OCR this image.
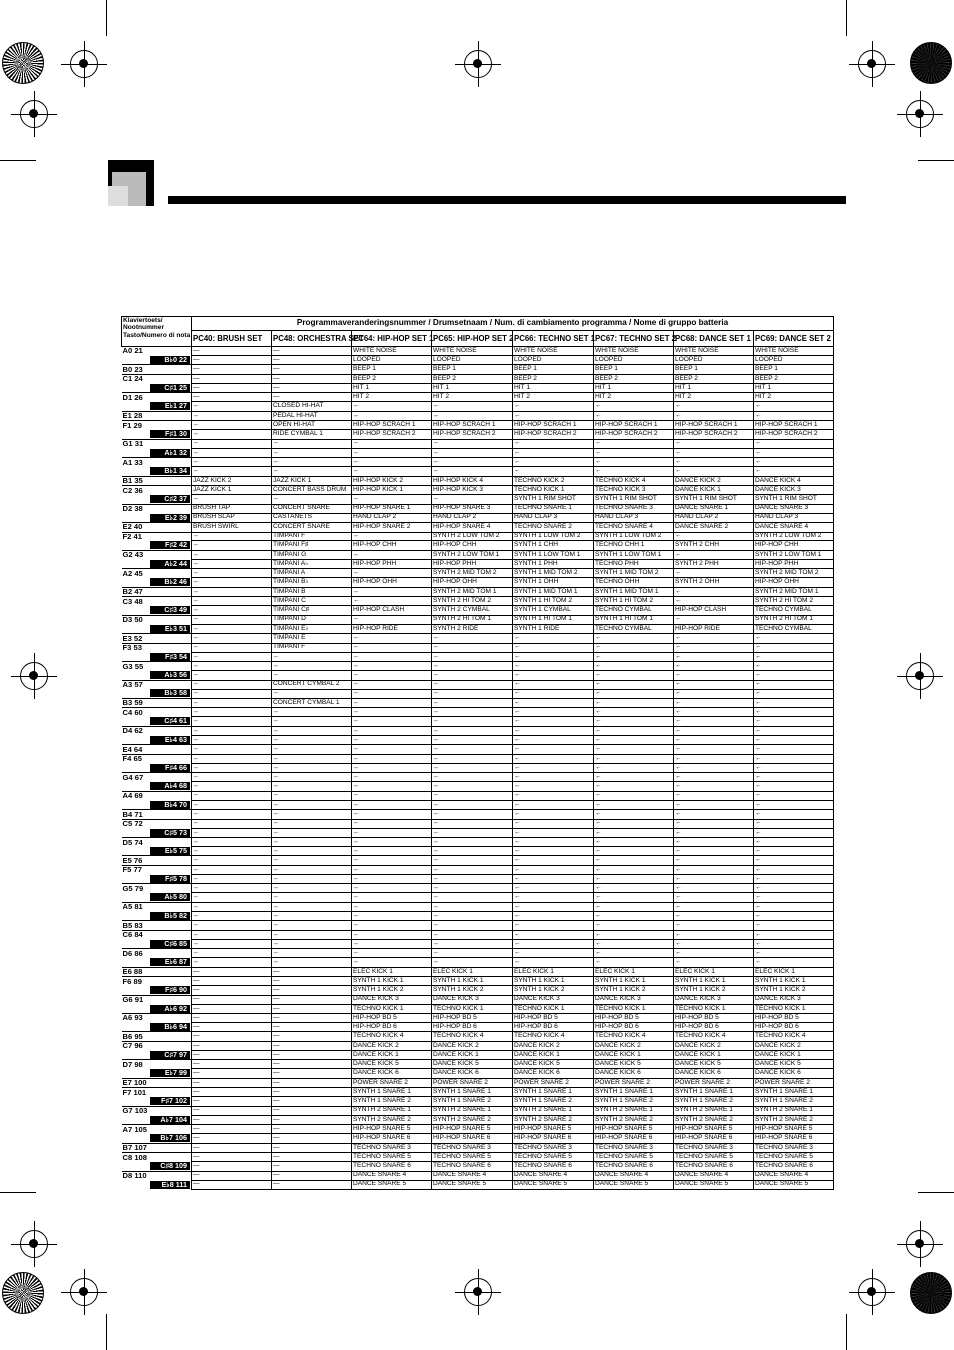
Klaviertoets/
Nootnummer
Tasto/Numero di nota	Programmaveranderingsnummer / Drumsetnaam / Num. di cambiamento programma / Nome di gruppo batteria							
	PC40: BRUSH SET	PC48: ORCHESTRA SET	PC64: HIP-HOP SET 1	PC65: HIP-HOP SET 2	PC66: TECHNO SET 1	PC67: TECHNO SET 2	PC68: DANCE SET 1	PC69: DANCE SET 2
A0 21	—	—	WHITE NOISE	WHITE NOISE	WHITE NOISE	WHITE NOISE	WHITE NOISE	WHITE NOISE

B♭0 22	—	—	LOOPED	LOOPED	LOOPED	LOOPED	LOOPED	LOOPED
B0 23	—	—	BEEP 1	BEEP 1	BEEP 1	BEEP 1	BEEP 1	BEEP 1
C1 24	—	—	BEEP 2	BEEP 2	BEEP 2	BEEP 2	BEEP 2	BEEP 2

C♯1 25	—	—	HIT 1	HIT 1	HIT 1	HIT 1	HIT 1	HIT 1
D1 26	—	—	HIT 2	HIT 2	HIT 2	HIT 2	HIT 2	HIT 2

E♭1 27	←	CLOSED HI-HAT	←	←	←	←	←	←
E1 28	←	PEDAL HI-HAT	←	←	←	←	←	←
F1 29	←	OPEN HI-HAT	HIP-HOP SCRACH 1	HIP-HOP SCRACH 1	HIP-HOP SCRACH 1	HIP-HOP SCRACH 1	HIP-HOP SCRACH 1	HIP-HOP SCRACH 1

F♯1 30	←	RIDE CYMBAL 1	HIP-HOP SCRACH 2	HIP-HOP SCRACH 2	HIP-HOP SCRACH 2	HIP-HOP SCRACH 2	HIP-HOP SCRACH 2	HIP-HOP SCRACH 2
G1 31	←	←	←	←	←	←	←	←

A♭1 32	←	←	←	←	←	←	←	←
A1 33	←	←	←	←	←	←	←	←

B♭1 34	←	←	←	←	←	←	←	←
B1 35	JAZZ KICK 2	JAZZ KICK 1	HIP-HOP KICK 2	HIP-HOP KICK 4	TECHNO KICK 2	TECHNO KICK 4	DANCE KICK 2	DANCE KICK 4
C2 36	JAZZ KICK 1	CONCERT BASS DRUM	HIP-HOP KICK 1	HIP-HOP KICK 3	TECHNO KICK 1	TECHNO KICK 3	DANCE KICK 1	DANCE KICK 3

C♯2 37	←	←	←	←	SYNTH 1 RIM SHOT	SYNTH 1 RIM SHOT	SYNTH 1 RIM SHOT	SYNTH 1 RIM SHOT
D2 38	BRUSH TAP	CONCERT SNARE	HIP-HOP SNARE 1	HIP-HOP SNARE 3	TECHNO SNARE 1	TECHNO SNARE 3	DANCE SNARE 1	DANCE SNARE 3

E♭2 39	BRUSH SLAP	CASTANETS	HAND CLAP 2	HAND CLAP 2	HAND CLAP 3	HAND CLAP 3	HAND CLAP 2	HAND CLAP 3
E2 40	BRUSH SWIRL	CONCERT SNARE	HIP-HOP SNARE 2	HIP-HOP SNARE 4	TECHNO SNARE 2	TECHNO SNARE 4	DANCE SNARE 2	DANCE SNARE 4
F2 41	←	TIMPANI F	←	SYNTH 2 LOW TOM 2	SYNTH 1 LOW TOM 2	SYNTH 1 LOW TOM 2	←	SYNTH 2 LOW TOM 2

F♯2 42	←	TIMPANI F♯	HIP-HOP CHH	HIP-HOP CHH	SYNTH 1 CHH	TECHNO CHH 1	SYNTH 2 CHH	HIP-HOP CHH
G2 43	←	TIMPANI G	←	SYNTH 2 LOW TOM 1	SYNTH 1 LOW TOM 1	SYNTH 1 LOW TOM 1	←	SYNTH 2 LOW TOM 1

A♭2 44	←	TIMPANI A♭	HIP-HOP PHH	HIP-HOP PHH	SYNTH 1 PHH	TECHNO PHH	SYNTH 2 PHH	HIP-HOP PHH
A2 45	←	TIMPANI A	←	SYNTH 2 MID TOM 2	SYNTH 1 MID TOM 2	SYNTH 1 MID TOM 2	←	SYNTH 2 MID TOM 2

B♭2 46	←	TIMPANI B♭	HIP-HOP OHH	HIP-HOP OHH	SYNTH 1 OHH	TECHNO OHH	SYNTH 2 OHH	HIP-HOP OHH
B2 47	←	TIMPANI B	←	SYNTH 2 MID TOM 1	SYNTH 1 MID TOM 1	SYNTH 1 MID TOM 1	←	SYNTH 2 MID TOM 1
C3 48	←	TIMPANI C	←	SYNTH 2 HI TOM 2	SYNTH 1 HI TOM 2	SYNTH 1 HI TOM 2	←	SYNTH 2 HI TOM 2

C♯3 49	←	TIMPANI C♯	HIP-HOP CLASH	SYNTH 2 CYMBAL	SYNTH 1 CYMBAL	TECHNO CYMBAL	HIP-HOP CLASH	TECHNO CYMBAL
D3 50	←	TIMPANI D	←	SYNTH 2 HI TOM 1	SYNTH 1 HI TOM 1	SYNTH 1 HI TOM 1	←	SYNTH 2 HI TOM 1

E♭3 51	←	TIMPANI E♭	HIP-HOP RIDE	SYNTH 2 RIDE	SYNTH 1 RIDE	TECHNO CYMBAL	HIP-HOP RIDE	TECHNO CYMBAL
E3 52	←	TIMPANI E	←	←	←	←	←	←
F3 53	←	TIMPANI F	←	←	←	←	←	←

F♯3 54	←	←	←	←	←	←	←	←
G3 55	←	←	←	←	←	←	←	←

A♭3 56	←	←	←	←	←	←	←	←
A3 57	←	CONCERT CYMBAL 2	←	←	←	←	←	←

B♭3 58	←	←	←	←	←	←	←	←
B3 59	←	CONCERT CYMBAL 1	←	←	←	←	←	←
C4 60	←	←	←	←	←	←	←	←

C♯4 61	←	←	←	←	←	←	←	←
D4 62	←	←	←	←	←	←	←	←

E♭4 63	←	←	←	←	←	←	←	←
E4 64	←	←	←	←	←	←	←	←
F4 65	←	←	←	←	←	←	←	←

F♯4 66	←	←	←	←	←	←	←	←
G4 67	←	←	←	←	←	←	←	←

A♭4 68	←	←	←	←	←	←	←	←
A4 69	←	←	←	←	←	←	←	←

B♭4 70	←	←	←	←	←	←	←	←
B4 71	←	←	←	←	←	←	←	←
C5 72	←	←	←	←	←	←	←	←

C♯5 73	←	←	←	←	←	←	←	←
D5 74	←	←	←	←	←	←	←	←

E♭5 75	←	←	←	←	←	←	←	←
E5 76	←	←	←	←	←	←	←	←
F5 77	←	←	←	←	←	←	←	←

F♯5 78	←	←	←	←	←	←	←	←
G5 79	←	←	←	←	←	←	←	←

A♭5 80	←	←	←	←	←	←	←	←
A5 81	←	←	←	←	←	←	←	←

B♭5 82	←	←	←	←	←	←	←	←
B5 83	←	←	←	←	←	←	←	←
C6 84	←	←	←	←	←	←	←	←

C♯6 85	←	←	←	←	←	←	←	←
D6 86	←	←	←	←	←	←	←	←

E♭6 87	←	←	←	←	←	←	←	←
E6 88	—	—	ELEC KICK 1	ELEC KICK 1	ELEC KICK 1	ELEC KICK 1	ELEC KICK 1	ELEC KICK 1
F6 89	—	—	SYNTH 1 KICK 1	SYNTH 1 KICK 1	SYNTH 1 KICK 1	SYNTH 1 KICK 1	SYNTH 1 KICK 1	SYNTH 1 KICK 1

F♯6 90	—	—	SYNTH 1 KICK 2	SYNTH 1 KICK 2	SYNTH 1 KICK 2	SYNTH 1 KICK 2	SYNTH 1 KICK 2	SYNTH 1 KICK 2
G6 91	—	—	DANCE KICK 3	DANCE KICK 3	DANCE KICK 3	DANCE KICK 3	DANCE KICK 3	DANCE KICK 3

A♭6 92	—	—	TECHNO KICK 1	TECHNO KICK 1	TECHNO KICK 1	TECHNO KICK 1	TECHNO KICK 1	TECHNO KICK 1
A6 93	—	—	HIP-HOP BD 5	HIP-HOP BD 5	HIP-HOP BD 5	HIP-HOP BD 5	HIP-HOP BD 5	HIP-HOP BD 5

B♭6 94	—	—	HIP-HOP BD 6	HIP-HOP BD 6	HIP-HOP BD 6	HIP-HOP BD 6	HIP-HOP BD 6	HIP-HOP BD 6
B6 95	—	—	TECHNO KICK 4	TECHNO KICK 4	TECHNO KICK 4	TECHNO KICK 4	TECHNO KICK 4	TECHNO KICK 4
C7 96	—	—	DANCE KICK 2	DANCE KICK 2	DANCE KICK 2	DANCE KICK 2	DANCE KICK 2	DANCE KICK 2

C♯7 97	—	—	DANCE KICK 1	DANCE KICK 1	DANCE KICK 1	DANCE KICK 1	DANCE KICK 1	DANCE KICK 1
D7 98	—	—	DANCE KICK 5	DANCE KICK 5	DANCE KICK 5	DANCE KICK 5	DANCE KICK 5	DANCE KICK 5

E♭7 99	—	—	DANCE KICK 6	DANCE KICK 6	DANCE KICK 6	DANCE KICK 6	DANCE KICK 6	DANCE KICK 6
E7 100	—	—	POWER SNARE 2	POWER SNARE 2	POWER SNARE 2	POWER SNARE 2	POWER SNARE 2	POWER SNARE 2
F7 101	—	—	SYNTH 1 SNARE 1	SYNTH 1 SNARE 1	SYNTH 1 SNARE 1	SYNTH 1 SNARE 1	SYNTH 1 SNARE 1	SYNTH 1 SNARE 1

F♯7 102	—	—	SYNTH 1 SNARE 2	SYNTH 1 SNARE 2	SYNTH 1 SNARE 2	SYNTH 1 SNARE 2	SYNTH 1 SNARE 2	SYNTH 1 SNARE 2
G7 103	—	—	SYNTH 2 SNARE 1	SYNTH 2 SNARE 1	SYNTH 2 SNARE 1	SYNTH 2 SNARE 1	SYNTH 2 SNARE 1	SYNTH 2 SNARE 1

A♭7 104	—	—	SYNTH 2 SNARE 2	SYNTH 2 SNARE 2	SYNTH 2 SNARE 2	SYNTH 2 SNARE 2	SYNTH 2 SNARE 2	SYNTH 2 SNARE 2
A7 105	—	—	HIP-HOP SNARE 5	HIP-HOP SNARE 5	HIP-HOP SNARE 5	HIP-HOP SNARE 5	HIP-HOP SNARE 5	HIP-HOP SNARE 5

B♭7 106	—	—	HIP-HOP SNARE 6	HIP-HOP SNARE 6	HIP-HOP SNARE 6	HIP-HOP SNARE 6	HIP-HOP SNARE 6	HIP-HOP SNARE 6
B7 107	—	—	TECHNO SNARE 3	TECHNO SNARE 3	TECHNO SNARE 3	TECHNO SNARE 3	TECHNO SNARE 3	TECHNO SNARE 3
C8 108	—	—	TECHNO SNARE 5	TECHNO SNARE 5	TECHNO SNARE 5	TECHNO SNARE 5	TECHNO SNARE 5	TECHNO SNARE 5

C♯8 109	—	—	TECHNO SNARE 6	TECHNO SNARE 6	TECHNO SNARE 6	TECHNO SNARE 6	TECHNO SNARE 6	TECHNO SNARE 6
D8 110	—	—	DANCE SNARE 4	DANCE SNARE 4	DANCE SNARE 4	DANCE SNARE 4	DANCE SNARE 4	DANCE SNARE 4

E♭8 111	—	—	DANCE SNARE 5	DANCE SNARE 5	DANCE SNARE 5	DANCE SNARE 5	DANCE SNARE 5	DANCE SNARE 5
